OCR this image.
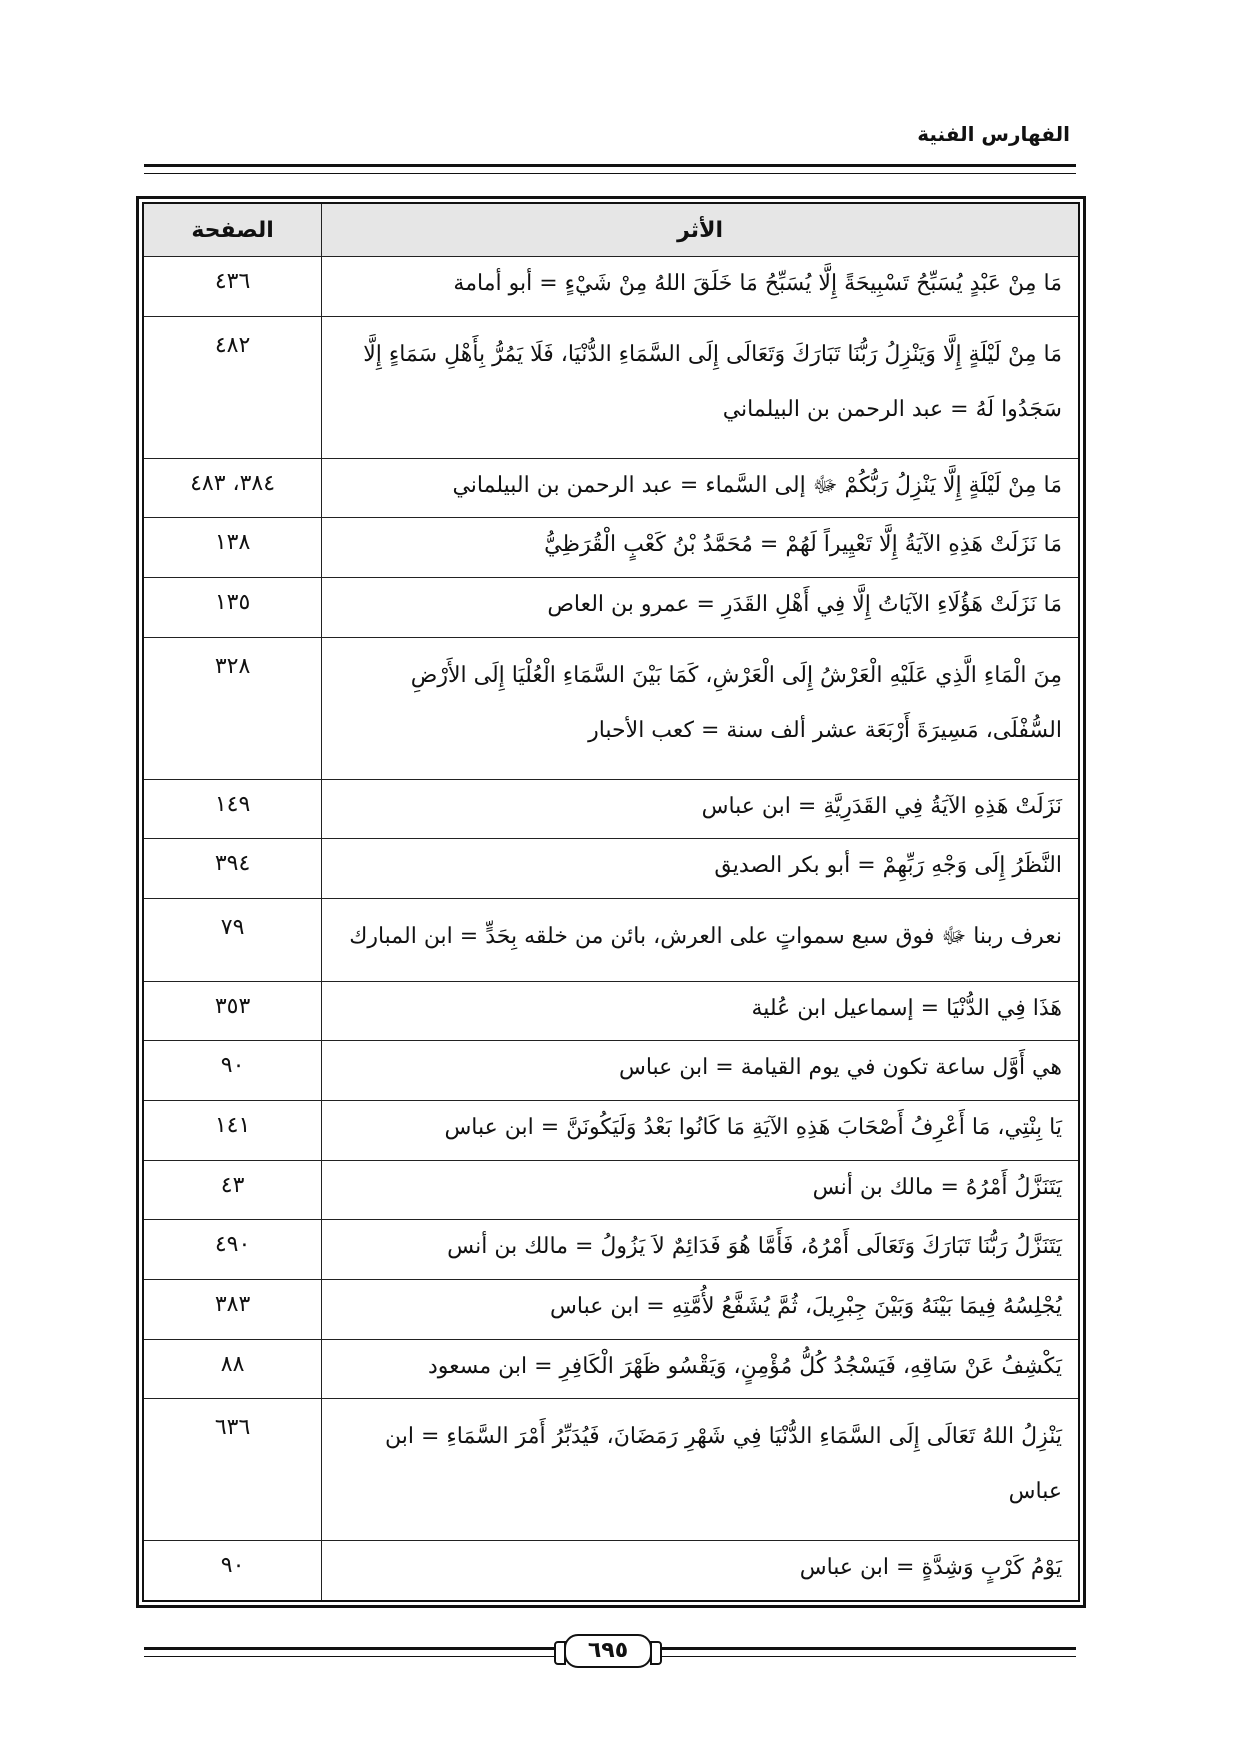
الفهارس الفنية
الأثر	الصفحة
مَا مِنْ عَبْدٍ يُسَبِّحُ تَسْبِيحَةً إِلَّا يُسَبِّحُ مَا خَلَقَ اللهُ مِنْ شَيْءٍ = أبو أمامة	٤٣٦
مَا مِنْ لَيْلَةٍ إِلَّا وَيَنْزِلُ رَبُّنَا تَبَارَكَ وَتَعَالَى إِلَى السَّمَاءِ الدُّنْيَا، فَلَا يَمُرُّ بِأَهْلِ سَمَاءٍ إِلَّا سَجَدُوا لَهُ = عبد الرحمن بن البيلماني	٤٨٢
مَا مِنْ لَيْلَةٍ إِلَّا يَنْزِلُ رَبُّكُمْ ﷻ إلى السَّماء = عبد الرحمن بن البيلماني	٣٨٤، ٤٨٣
مَا نَزَلَتْ هَذِهِ الآيَةُ إِلَّا تَعْيِيراً لَهُمْ = مُحَمَّدُ بْنُ كَعْبٍ الْقُرَظِيُّ	١٣٨
مَا نَزَلَتْ هَؤُلَاءِ الآيَاتُ إِلَّا فِي أَهْلِ القَدَرِ = عمرو بن العاص	١٣٥
مِنَ الْمَاءِ الَّذِي عَلَيْهِ الْعَرْشُ إِلَى الْعَرْشِ، كَمَا بَيْنَ السَّمَاءِ الْعُلْيَا إِلَى الأَرْضِ السُّفْلَى، مَسِيرَةَ أَرْبَعَة عشر ألف سنة = كعب الأحبار	٣٢٨
نَزَلَتْ هَذِهِ الآيَةُ فِي القَدَرِيَّةِ = ابن عباس	١٤٩
النَّظَرُ إِلَى وَجْهِ رَبِّهِمْ = أبو بكر الصديق	٣٩٤
نعرف ربنا ﷻ فوق سبع سمواتٍ على العرش، بائن من خلقه بِحَدٍّ = ابن المبارك	٧٩
هَذَا فِي الدُّنْيَا = إسماعيل ابن عُلية	٣٥٣
هي أَوَّل ساعة تكون في يوم القيامة = ابن عباس	٩٠
يَا بِنْتِي، مَا أَعْرِفُ أَصْحَابَ هَذِهِ الآيَةِ مَا كَانُوا بَعْدُ وَلَيَكُونَنَّ = ابن عباس	١٤١
يَتَنَزَّلُ أَمْرُهُ = مالك بن أنس	٤٣
يَتَنَزَّلُ رَبُّنَا تَبَارَكَ وَتَعَالَى أَمْرُهُ، فَأَمَّا هُوَ فَدَائِمٌ لاَ يَزُولُ = مالك بن أنس	٤٩٠
يُجْلِسُهُ فِيمَا بَيْنَهُ وَبَيْنَ جِبْرِيلَ، ثُمَّ يُشَفَّعُ لأُمَّتِهِ = ابن عباس	٣٨٣
يَكْشِفُ عَنْ سَاقِهِ، فَيَسْجُدُ كُلُّ مُؤْمِنٍ، وَيَقْسُو ظَهْرَ الْكَافِرِ = ابن مسعود	٨٨
يَنْزِلُ اللهُ تَعَالَى إِلَى السَّمَاءِ الدُّنْيَا فِي شَهْرِ رَمَضَانَ، فَيُدَبِّرُ أَمْرَ السَّمَاءِ = ابن عباس	٦٣٦
يَوْمُ كَرْبٍ وَشِدَّةٍ = ابن عباس	٩٠
٦٩٥
